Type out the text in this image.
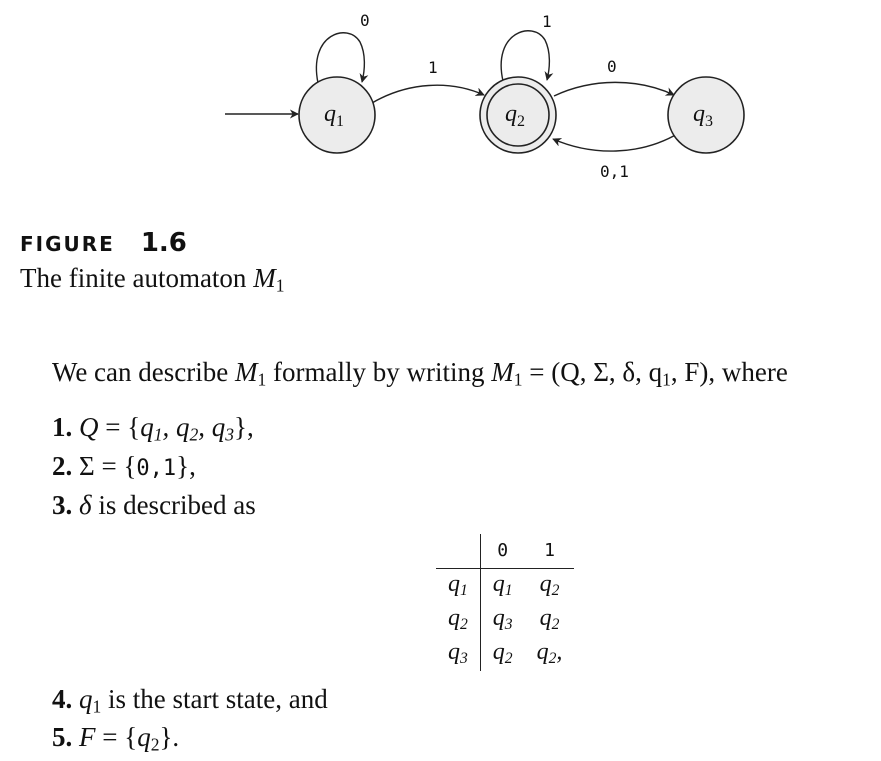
0
1
1
0
0,1
q1	q2	q3
FIGURE 1.6
The finite automaton $M_1$
We can describe $M_1$ formally by writing $M_1 = (Q$, Σ, δ, $q_1$, F), where
1. $Q = \{q_1$, $q_2$, $q_3$},
2. Σ = {0,1},
3. δ is described as
	0	1
$q_1$	$q_1$	$q_2$
$q_2$	$q_3$	$q_2$
$q_3$	$q_2$	$q_2$,
4. $q_1$ is the start state, and
5. $F = \{q_2\}$.
